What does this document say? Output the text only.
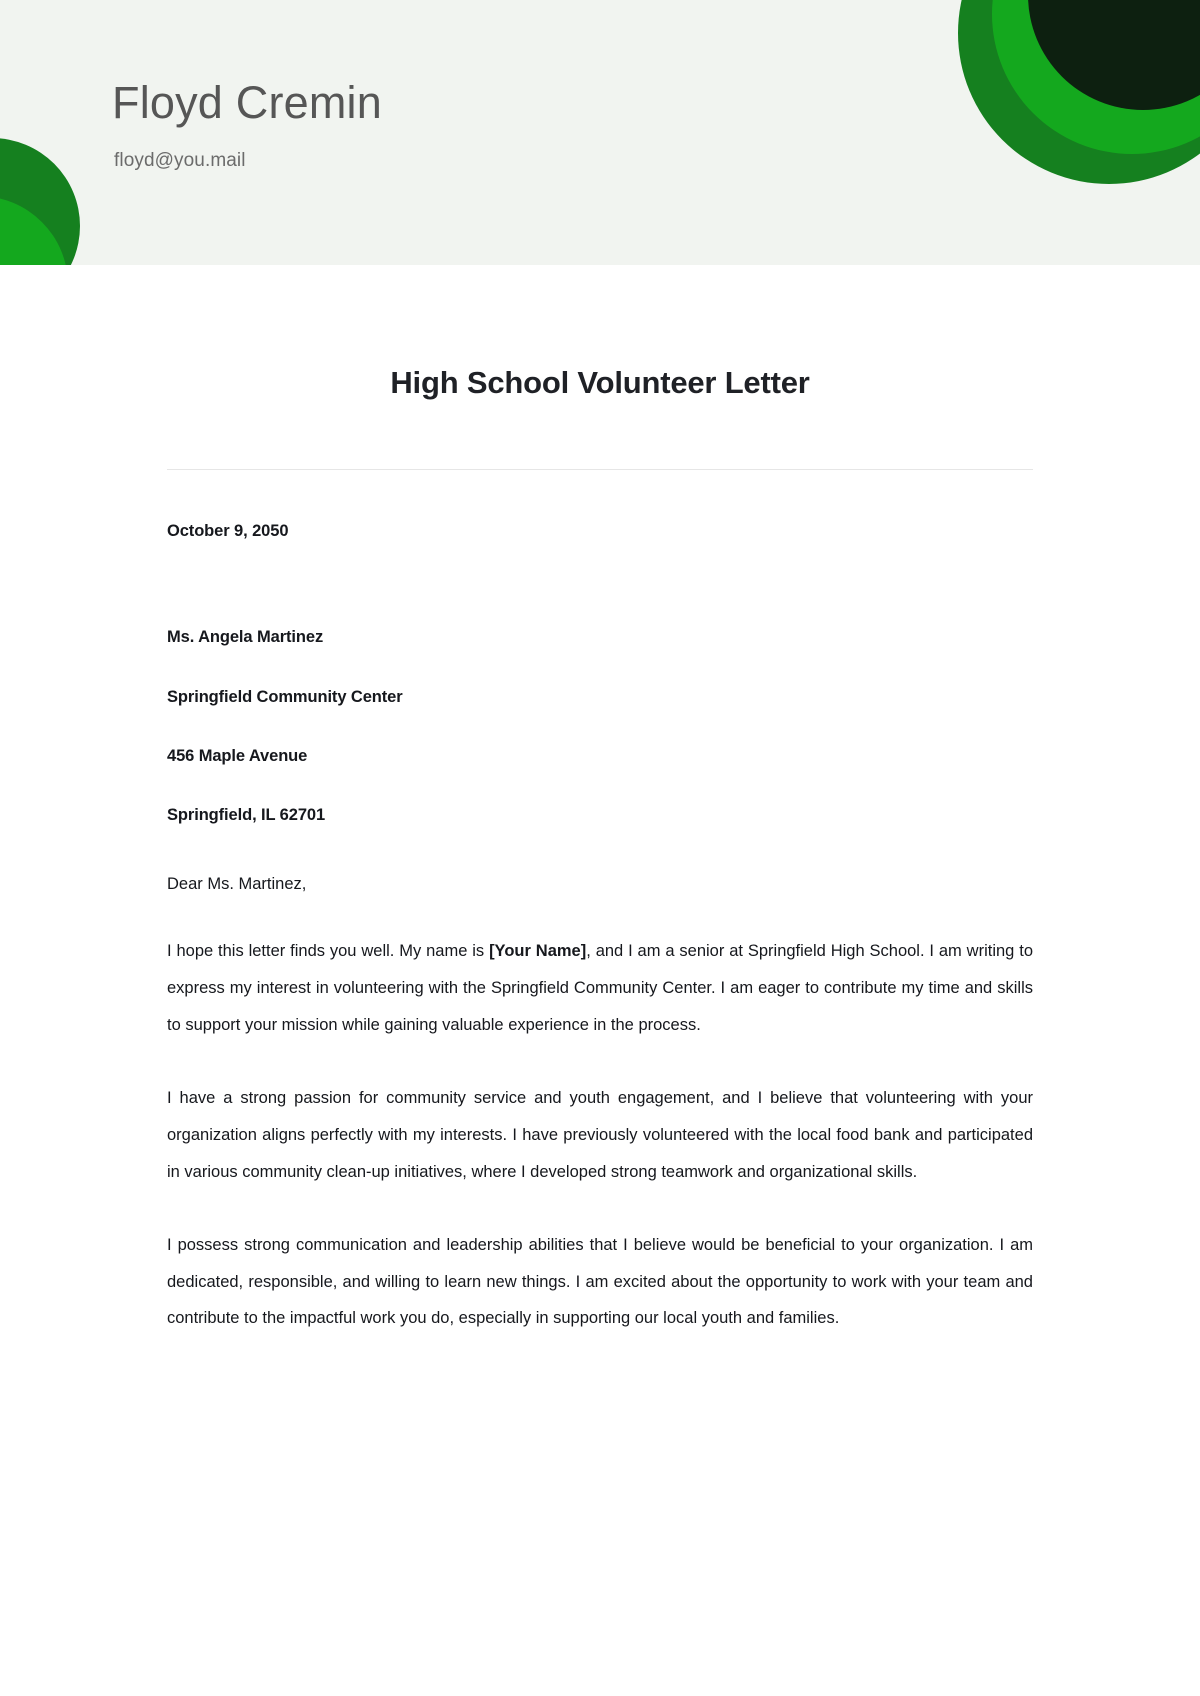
Floyd Cremin
floyd@you.mail
High School Volunteer Letter
October 9, 2050
Ms. Angela Martinez
Springfield Community Center
456 Maple Avenue
Springfield, IL 62701
Dear Ms. Martinez,

I hope this letter finds you well. My name is [Your Name], and I am a senior at Springfield High School. I am writing to express my interest in volunteering with the Springfield Community Center. I am eager to contribute my time and skills to support your mission while gaining valuable experience in the process.

I have a strong passion for community service and youth engagement, and I believe that volunteering with your organization aligns perfectly with my interests. I have previously volunteered with the local food bank and participated in various community clean-up initiatives, where I developed strong teamwork and organizational skills.

I possess strong communication and leadership abilities that I believe would be beneficial to your organization. I am dedicated, responsible, and willing to learn new things. I am excited about the opportunity to work with your team and contribute to the impactful work you do, especially in supporting our local youth and families.
